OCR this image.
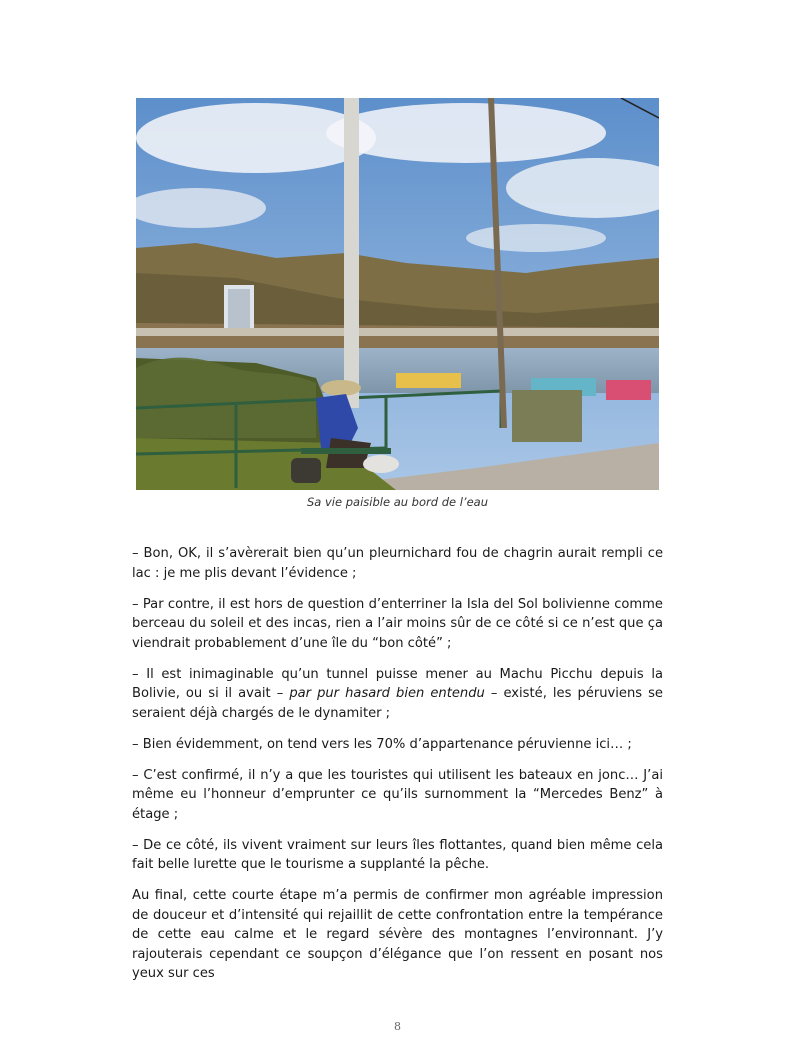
Sa vie paisible au bord de l’eau

– Bon, OK, il s’avèrerait bien qu’un pleurnichard fou de chagrin aurait rempli ce lac : je me plis devant l’évidence ;

– Par contre, il est hors de question d’enterriner la Isla del Sol bolivienne comme berceau du soleil et des incas, rien a l’air moins sûr de ce côté si ce n’est que ça viendrait probablement d’une île du “bon côté” ;

– Il est inimaginable qu’un tunnel puisse mener au Machu Picchu depuis la Bolivie, ou si il avait – par pur hasard bien entendu – existé, les péruviens se seraient déjà chargés de le dynamiter ;

– Bien évidemment, on tend vers les 70% d’appartenance péruvienne ici… ;

– C’est confirmé, il n’y a que les touristes qui utilisent les bateaux en jonc… J’ai même eu l’honneur d’emprunter ce qu’ils surnomment la “Mercedes Benz” à étage ;

– De ce côté, ils vivent vraiment sur leurs îles flottantes, quand bien même cela fait belle lurette que le tourisme a supplanté la pêche.

Au final, cette courte étape m’a permis de confirmer mon agréable impression de douceur et d’intensité qui rejaillit de cette confrontation entre la tempérance de cette eau calme et le regard sévère des montagnes l’environnant. J’y rajouterais cependant ce soupçon d’élégance que l’on ressent en posant nos yeux sur ces

8
